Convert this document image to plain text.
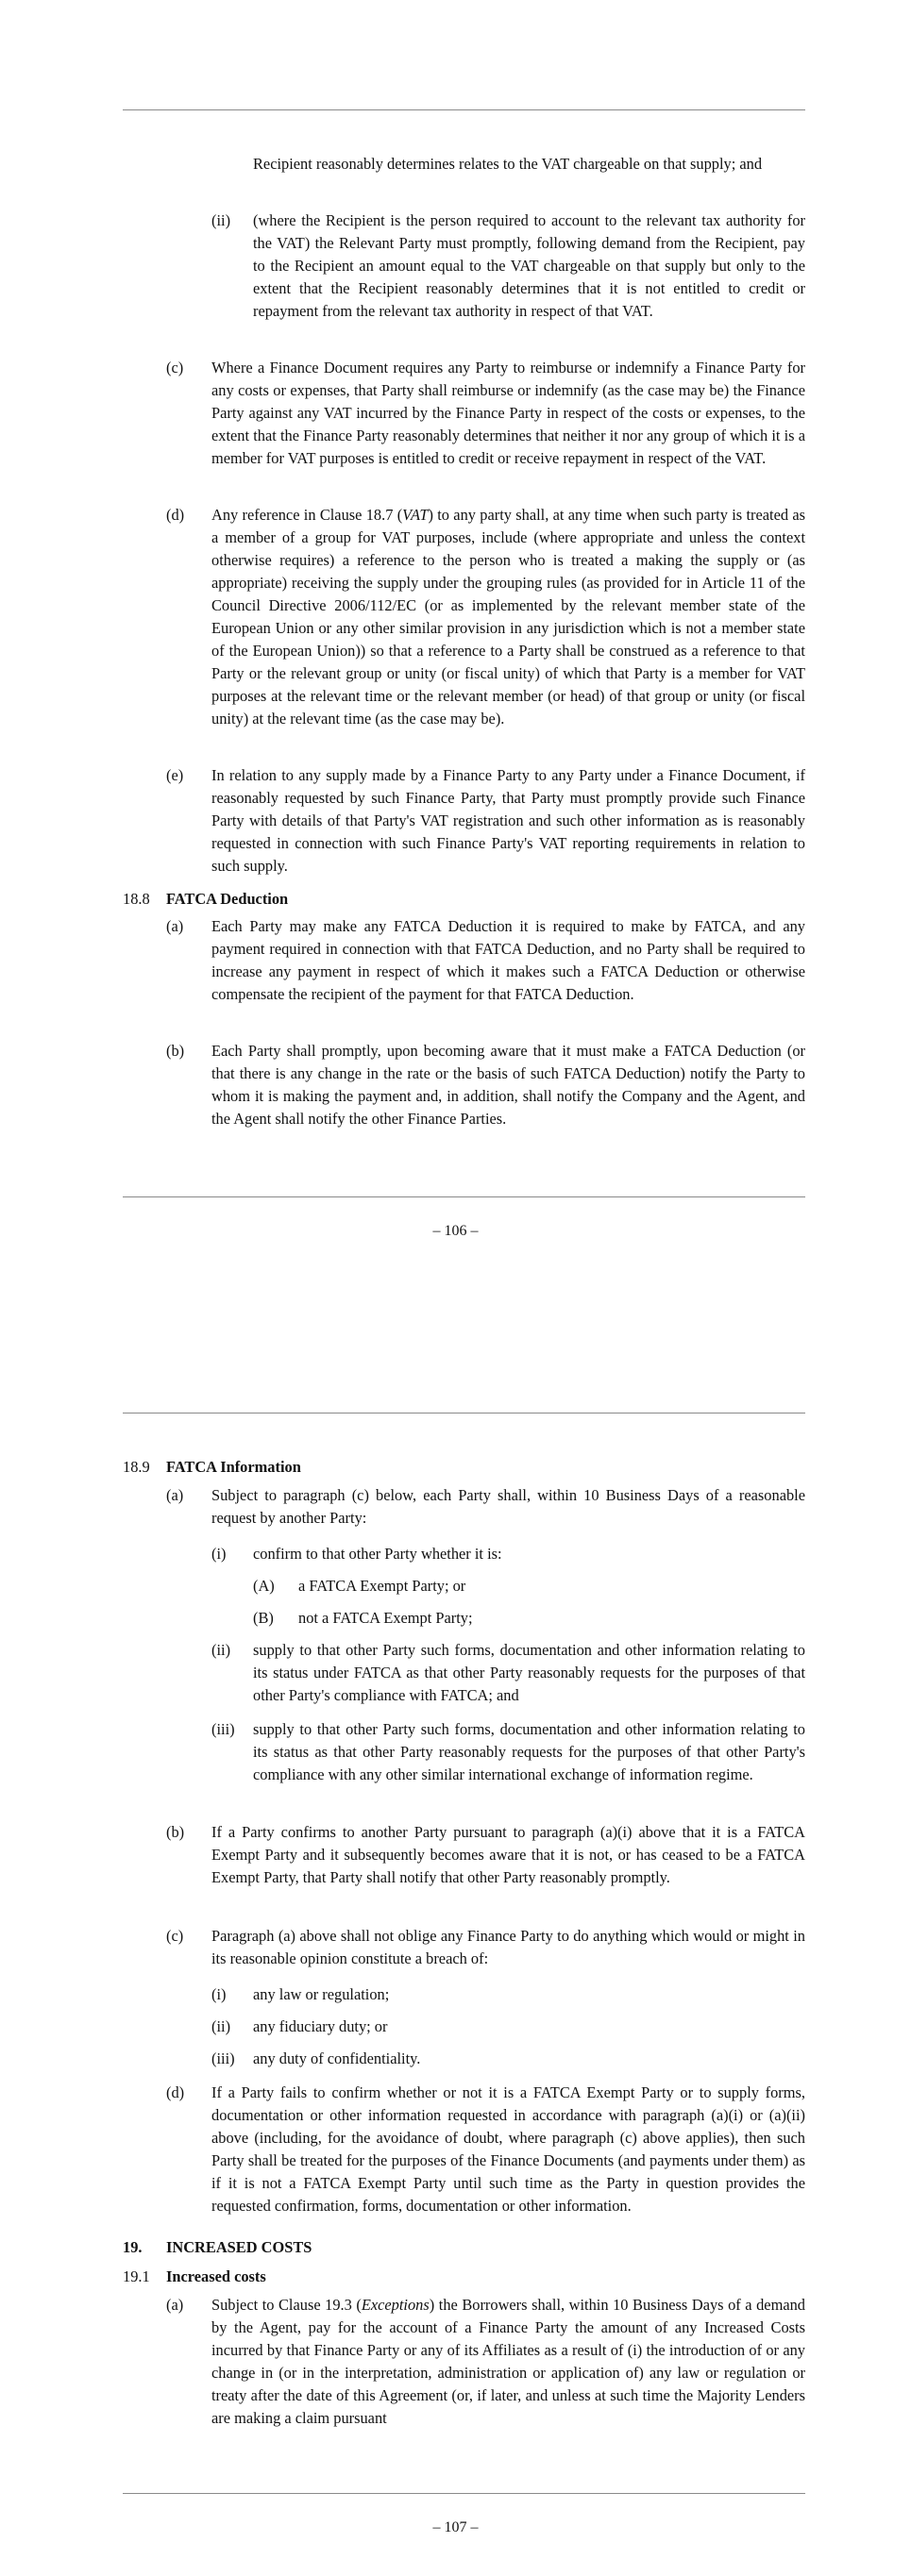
Recipient reasonably determines relates to the VAT chargeable on that supply; and

(ii) (where the Recipient is the person required to account to the relevant tax authority for the VAT) the Relevant Party must promptly, following demand from the Recipient, pay to the Recipient an amount equal to the VAT chargeable on that supply but only to the extent that the Recipient reasonably determines that it is not entitled to credit or repayment from the relevant tax authority in respect of that VAT.

(c) Where a Finance Document requires any Party to reimburse or indemnify a Finance Party for any costs or expenses, that Party shall reimburse or indemnify (as the case may be) the Finance Party against any VAT incurred by the Finance Party in respect of the costs or expenses, to the extent that the Finance Party reasonably determines that neither it nor any group of which it is a member for VAT purposes is entitled to credit or receive repayment in respect of the VAT.

(d) Any reference in Clause 18.7 (VAT) to any party shall, at any time when such party is treated as a member of a group for VAT purposes, include (where appropriate and unless the context otherwise requires) a reference to the person who is treated a making the supply or (as appropriate) receiving the supply under the grouping rules (as provided for in Article 11 of the Council Directive 2006/112/EC (or as implemented by the relevant member state of the European Union or any other similar provision in any jurisdiction which is not a member state of the European Union)) so that a reference to a Party shall be construed as a reference to that Party or the relevant group or unity (or fiscal unity) of which that Party is a member for VAT purposes at the relevant time or the relevant member (or head) of that group or unity (or fiscal unity) at the relevant time (as the case may be).

(e) In relation to any supply made by a Finance Party to any Party under a Finance Document, if reasonably requested by such Finance Party, that Party must promptly provide such Finance Party with details of that Party's VAT registration and such other information as is reasonably requested in connection with such Finance Party's VAT reporting requirements in relation to such supply.

18.8 FATCA Deduction
(a) Each Party may make any FATCA Deduction it is required to make by FATCA, and any payment required in connection with that FATCA Deduction, and no Party shall be required to increase any payment in respect of which it makes such a FATCA Deduction or otherwise compensate the recipient of the payment for that FATCA Deduction.

(b) Each Party shall promptly, upon becoming aware that it must make a FATCA Deduction (or that there is any change in the rate or the basis of such FATCA Deduction) notify the Party to whom it is making the payment and, in addition, shall notify the Company and the Agent, and the Agent shall notify the other Finance Parties.

– 106 –
18.9 FATCA Information
(a) Subject to paragraph (c) below, each Party shall, within 10 Business Days of a reasonable request by another Party:

(i) confirm to that other Party whether it is:

(A) a FATCA Exempt Party; or

(B) not a FATCA Exempt Party;

(ii) supply to that other Party such forms, documentation and other information relating to its status under FATCA as that other Party reasonably requests for the purposes of that other Party's compliance with FATCA; and

(iii) supply to that other Party such forms, documentation and other information relating to its status as that other Party reasonably requests for the purposes of that other Party's compliance with any other similar international exchange of information regime.

(b) If a Party confirms to another Party pursuant to paragraph (a)(i) above that it is a FATCA Exempt Party and it subsequently becomes aware that it is not, or has ceased to be a FATCA Exempt Party, that Party shall notify that other Party reasonably promptly.

(c) Paragraph (a) above shall not oblige any Finance Party to do anything which would or might in its reasonable opinion constitute a breach of:

(i) any law or regulation;

(ii) any fiduciary duty; or

(iii) any duty of confidentiality.

(d) If a Party fails to confirm whether or not it is a FATCA Exempt Party or to supply forms, documentation or other information requested in accordance with paragraph (a)(i) or (a)(ii) above (including, for the avoidance of doubt, where paragraph (c) above applies), then such Party shall be treated for the purposes of the Finance Documents (and payments under them) as if it is not a FATCA Exempt Party until such time as the Party in question provides the requested confirmation, forms, documentation or other information.

19. INCREASED COSTS
19.1 Increased costs
(a) Subject to Clause 19.3 (Exceptions) the Borrowers shall, within 10 Business Days of a demand by the Agent, pay for the account of a Finance Party the amount of any Increased Costs incurred by that Finance Party or any of its Affiliates as a result of (i) the introduction of or any change in (or in the interpretation, administration or application of) any law or regulation or treaty after the date of this Agreement (or, if later, and unless at such time the Majority Lenders are making a claim pursuant

– 107 –
